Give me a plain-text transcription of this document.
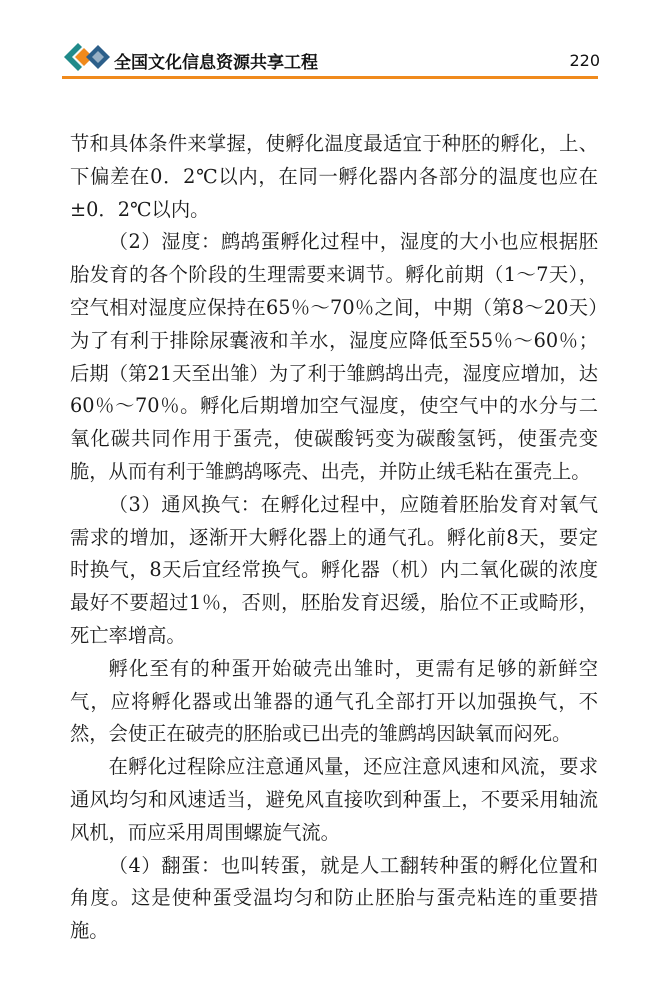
全国文化信息资源共享工程	220

节和具体条件来掌握，使孵化温度最适宜于种胚的孵化，上、下偏差在0．2℃以内，在同一孵化器内各部分的温度也应在±0．2℃以内。

（2）湿度：鹧鸪蛋孵化过程中，湿度的大小也应根据胚胎发育的各个阶段的生理需要来调节。孵化前期（1～7天），空气相对湿度应保持在65％～70％之间，中期（第8～20天）为了有利于排除尿囊液和羊水，湿度应降低至55％～60％；后期（第21天至出雏）为了利于雏鹧鸪出壳，湿度应增加，达60％～70％。孵化后期增加空气湿度，使空气中的水分与二氧化碳共同作用于蛋壳，使碳酸钙变为碳酸氢钙，使蛋壳变脆，从而有利于雏鹧鸪啄壳、出壳，并防止绒毛粘在蛋壳上。

（3）通风换气：在孵化过程中，应随着胚胎发育对氧气需求的增加，逐渐开大孵化器上的通气孔。孵化前8天，要定时换气，8天后宜经常换气。孵化器（机）内二氧化碳的浓度最好不要超过1％，否则，胚胎发育迟缓，胎位不正或畸形，死亡率增高。

孵化至有的种蛋开始破壳出雏时，更需有足够的新鲜空气，应将孵化器或出雏器的通气孔全部打开以加强换气，不然，会使正在破壳的胚胎或已出壳的雏鹧鸪因缺氧而闷死。

在孵化过程除应注意通风量，还应注意风速和风流，要求通风均匀和风速适当，避免风直接吹到种蛋上，不要采用轴流风机，而应采用周围螺旋气流。

（4）翻蛋：也叫转蛋，就是人工翻转种蛋的孵化位置和角度。这是使种蛋受温均匀和防止胚胎与蛋壳粘连的重要措施。
